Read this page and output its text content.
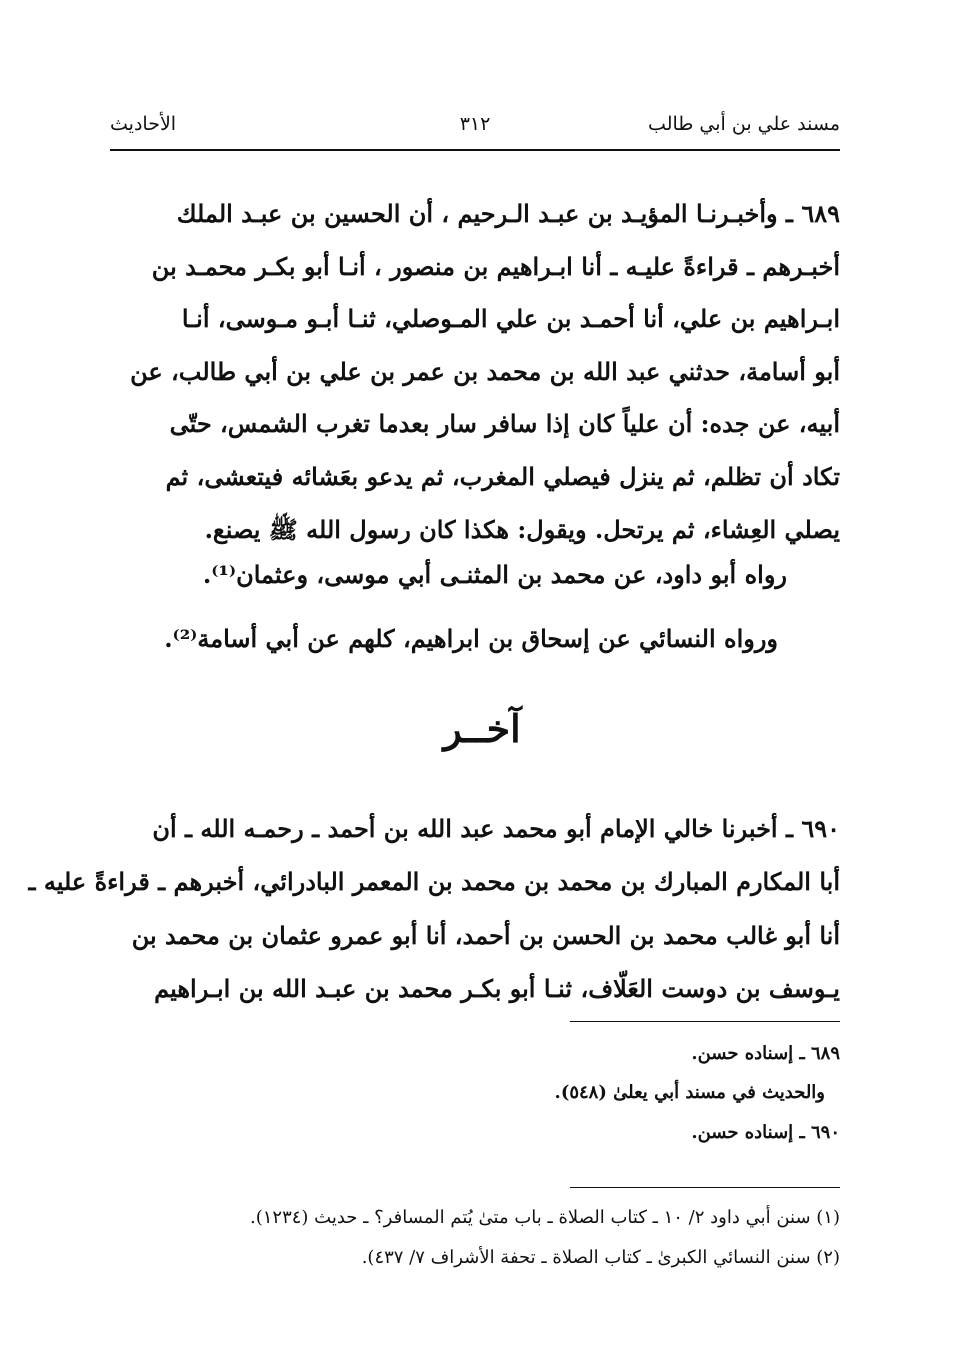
مسند علي بن أبي طالب
٣١٢
الأحاديث
٦٨٩ ـ وأخبـرنـا المؤيـد بن عبـد الـرحيم ، أن الحسين بن عبـد الملك
أخبـرهم ـ قراءةً عليـه ـ أنا ابـراهيم بن منصور ، أنـا أبو بكـر محمـد بن
ابـراهيم بن علي، أنا أحمـد بن علي المـوصلي، ثنـا أبـو مـوسى، أنـا
أبو أسامة، حدثني عبد الله بن محمد بن عمر بن علي بن أبي طالب، عن
أبيه، عن جده: أن علياً كان إذا سافر سار بعدما تغرب الشمس، حتّى
تكاد أن تظلم، ثم ينزل فيصلي المغرب، ثم يدعو بعَشائه فيتعشى، ثم
يصلي العِشاء، ثم يرتحل. ويقول: هكذا كان رسول الله ﷺ يصنع.
رواه أبو داود، عن محمد بن المثنـى أبي موسى، وعثمان⁽¹⁾.
ورواه النسائي عن إسحاق بن ابراهيم، كلهم عن أبي أسامة⁽²⁾.
آخــر
٦٩٠ ـ أخبرنا خالي الإمام أبو محمد عبد الله بن أحمد ـ رحمـه الله ـ أن
أبا المكارم المبارك بن محمد بن محمد بن المعمر البادرائي، أخبرهم ـ قراءةً عليه ـ
أنا أبو غالب محمد بن الحسن بن أحمد، أنا أبو عمرو عثمان بن محمد بن
يـوسف بن دوست العَلّاف، ثنـا أبو بكـر محمد بن عبـد الله بن ابـراهيم
٦٨٩ ـ إسناده حسن.
والحديث في مسند أبي يعلىٰ (٥٤٨).
٦٩٠ ـ إسناده حسن.
(١) سنن أبي داود ٢/ ١٠ ـ كتاب الصلاة ـ باب متىٰ يُتم المسافر؟ ـ حديث (١٢٣٤).
(٢) سنن النسائي الكبرىٰ ـ كتاب الصلاة ـ تحفة الأشراف ٧/ ٤٣٧).
